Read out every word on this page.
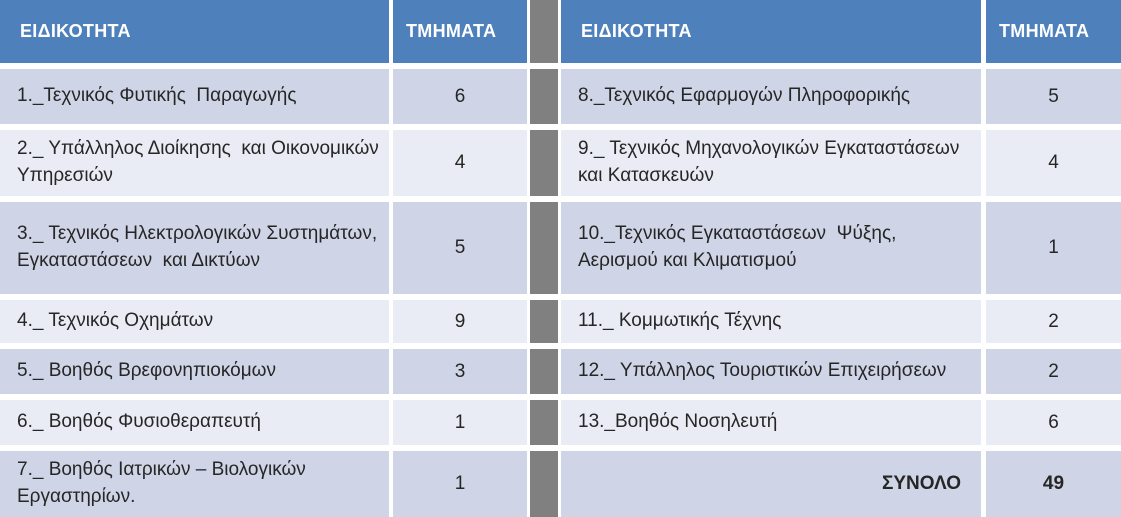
ΕΙΔΙΚΟΤΗΤΑ	ΤΜΗΜΑΤΑ
1._Τεχνικός Φυτικής  Παραγωγής	6
2._ Υπάλληλος Διοίκησης  και Οικονομικών Υπηρεσιών
4
3._ Τεχνικός Ηλεκτρολογικών Συστημάτων, Εγκαταστάσεων  και Δικτύων
5
4._ Τεχνικός Οχημάτων	9
5._ Βοηθός Βρεφονηπιοκόμων	3
6._ Βοηθός Φυσιοθεραπευτή	1
7._ Βοηθός Ιατρικών – Βιολογικών Εργαστηρίων.
1
ΕΙΔΙΚΟΤΗΤΑ	ΤΜΗΜΑΤΑ
8._Τεχνικός Εφαρμογών Πληροφορικής	5
9._ Τεχνικός Μηχανολογικών Εγκαταστάσεων και Κατασκευών
4
10._Τεχνικός Εγκαταστάσεων  Ψύξης, Αερισμού και Κλιματισμού
1
11._ Κομμωτικής Τέχνης	2
12._ Υπάλληλος Τουριστικών Επιχειρήσεων	2
13._Βοηθός Νοσηλευτή	6
ΣΥΝΟΛΟ	49
